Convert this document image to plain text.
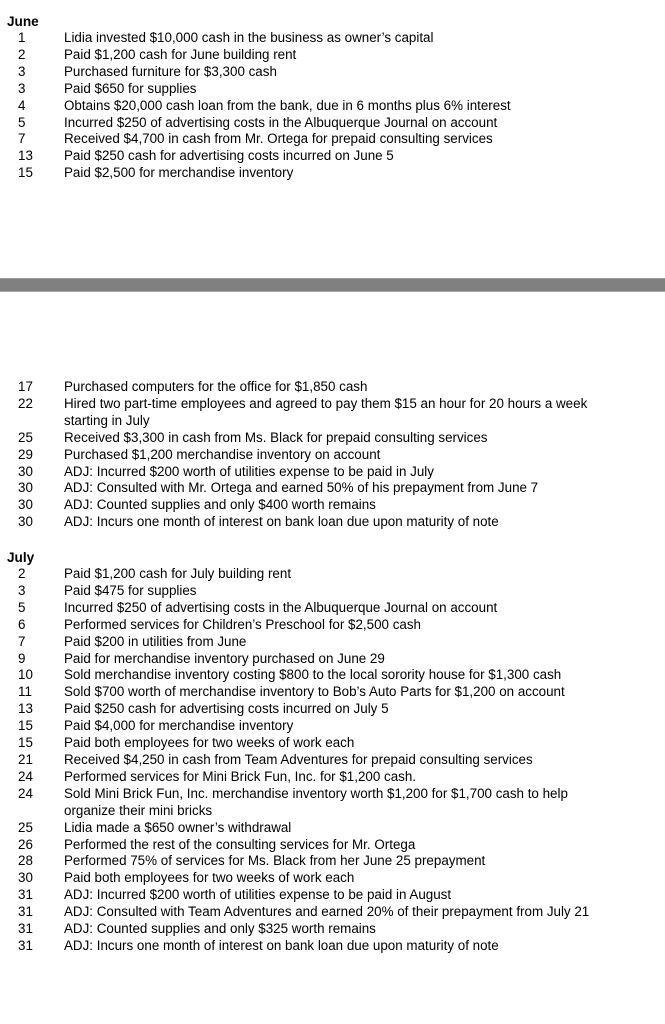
June
1	Lidia invested $10,000 cash in the business as owner’s capital
2	Paid $1,200 cash for June building rent
3	Purchased furniture for $3,300 cash
3	Paid $650 for supplies
4	Obtains $20,000 cash loan from the bank, due in 6 months plus 6% interest
5	Incurred $250 of advertising costs in the Albuquerque Journal on account
7	Received $4,700 in cash from Mr. Ortega for prepaid consulting services
13	Paid $250 cash for advertising costs incurred on June 5
15	Paid $2,500 for merchandise inventory
17	Purchased computers for the office for $1,850 cash
22	Hired two part-time employees and agreed to pay them $15 an hour for 20 hours a week starting in July
25	Received $3,300 in cash from Ms. Black for prepaid consulting services
29	Purchased $1,200 merchandise inventory on account
30	ADJ: Incurred $200 worth of utilities expense to be paid in July
30	ADJ: Consulted with Mr. Ortega and earned 50% of his prepayment from June 7
30	ADJ: Counted supplies and only $400 worth remains
30	ADJ: Incurs one month of interest on bank loan due upon maturity of note
July
2	Paid $1,200 cash for July building rent
3	Paid $475 for supplies
5	Incurred $250 of advertising costs in the Albuquerque Journal on account
6	Performed services for Children’s Preschool for $2,500 cash
7	Paid $200 in utilities from June
9	Paid for merchandise inventory purchased on June 29
10	Sold merchandise inventory costing $800 to the local sorority house for $1,300 cash
11	Sold $700 worth of merchandise inventory to Bob’s Auto Parts for $1,200 on account
13	Paid $250 cash for advertising costs incurred on July 5
15	Paid $4,000 for merchandise inventory
15	Paid both employees for two weeks of work each
21	Received $4,250 in cash from Team Adventures for prepaid consulting services
24	Performed services for Mini Brick Fun, Inc. for $1,200 cash.
24	Sold Mini Brick Fun, Inc. merchandise inventory worth $1,200 for $1,700 cash to help organize their mini bricks
25	Lidia made a $650 owner’s withdrawal
26	Performed the rest of the consulting services for Mr. Ortega
28	Performed 75% of services for Ms. Black from her June 25 prepayment
30	Paid both employees for two weeks of work each
31	ADJ: Incurred $200 worth of utilities expense to be paid in August
31	ADJ: Consulted with Team Adventures and earned 20% of their prepayment from July 21
31	ADJ: Counted supplies and only $325 worth remains
31	ADJ: Incurs one month of interest on bank loan due upon maturity of note
